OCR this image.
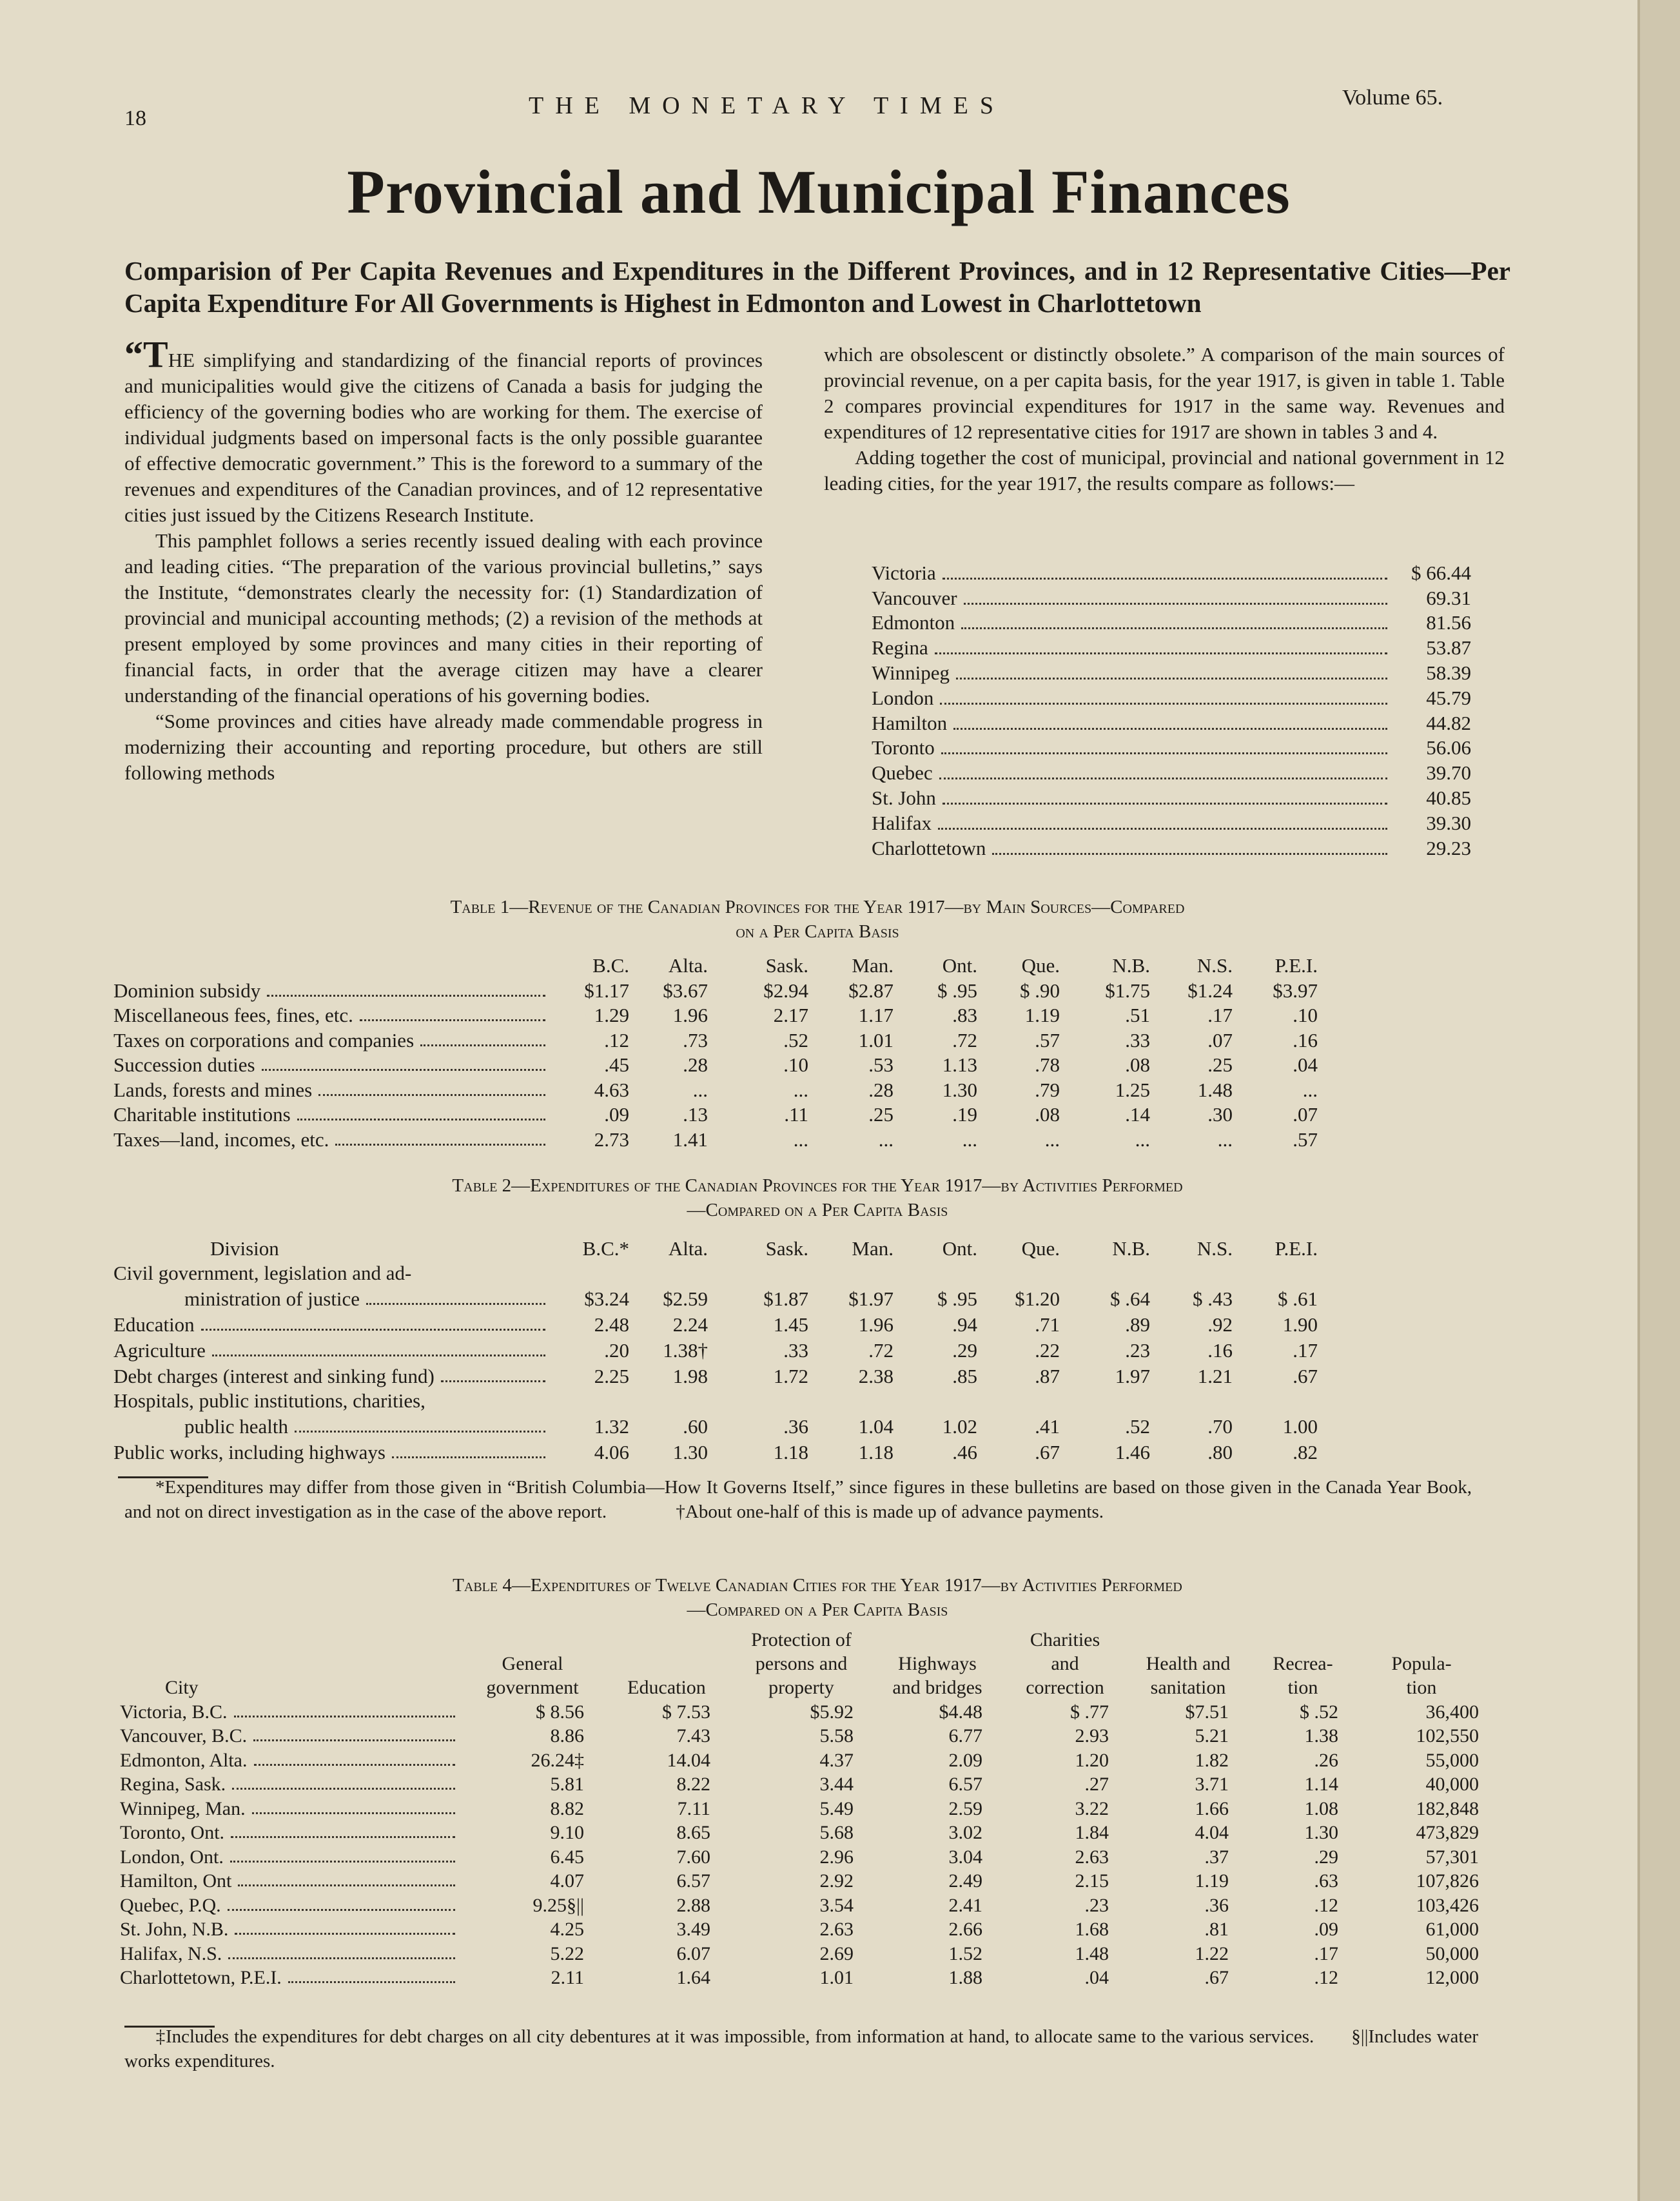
18	THE MONETARY TIMES	Volume 65.
Provincial and Municipal Finances
Comparision of Per Capita Revenues and Expenditures in the Different Provinces, and in 12 Representative Cities—Per Capita Expenditure For All Governments is Highest in Edmonton and Lowest in Charlottetown

“THE simplifying and standardizing of the financial reports of provinces and municipalities would give the citizens of Canada a basis for judging the efficiency of the governing bodies who are working for them. The exercise of individual judgments based on impersonal facts is the only possible guarantee of effective democratic government.” This is the foreword to a summary of the revenues and expenditures of the Canadian provinces, and of 12 representative cities just issued by the Citizens Research Institute.

This pamphlet follows a series recently issued dealing with each province and leading cities. “The preparation of the various provincial bulletins,” says the Institute, “demonstrates clearly the necessity for: (1) Standardization of provincial and municipal accounting methods; (2) a revision of the methods at present employed by some provinces and many cities in their reporting of financial facts, in order that the average citizen may have a clearer understanding of the financial operations of his governing bodies.

“Some provinces and cities have already made commendable progress in modernizing their accounting and reporting procedure, but others are still following methods

which are obsolescent or distinctly obsolete.” A comparison of the main sources of provincial revenue, on a per capita basis, for the year 1917, is given in table 1. Table 2 compares provincial expenditures for 1917 in the same way. Revenues and expenditures of 12 representative cities for 1917 are shown in tables 3 and 4.

Adding together the cost of municipal, provincial and national government in 12 leading cities, for the year 1917, the results compare as follows:—

Victoria	$ 66.44
Vancouver	69.31
Edmonton	81.56
Regina	53.87
Winnipeg	58.39
London	45.79
Hamilton	44.82
Toronto	56.06
Quebec	39.70
St. John	40.85
Halifax	39.30
Charlottetown	29.23
Table 1—Revenue of the Canadian Provinces for the Year 1917—by Main Sources—Compared
on a Per Capita Basis
	B.C.	Alta.	Sask.	Man.	Ont.	Que.	N.B.	N.S.	P.E.I.

Dominion subsidy	$1.17	$3.67	$2.94	$2.87	$ .95	$ .90	$1.75	$1.24	$3.97

Miscellaneous fees, fines, etc.	1.29	1.96	2.17	1.17	.83	1.19	.51	.17	.10

Taxes on corporations and companies	.12	.73	.52	1.01	.72	.57	.33	.07	.16

Succession duties	.45	.28	.10	.53	1.13	.78	.08	.25	.04

Lands, forests and mines	4.63	...	...	.28	1.30	.79	1.25	1.48	...

Charitable institutions	.09	.13	.11	.25	.19	.08	.14	.30	.07

Taxes—land, incomes, etc.	2.73	1.41	...	...	...	...	...	...	.57
Table 2—Expenditures of the Canadian Provinces for the Year 1917—by Activities Performed
—Compared on a Per Capita Basis
Division	B.C.*	Alta.	Sask.	Man.	Ont.	Que.	N.B.	N.S.	P.E.I.
Civil government, legislation and ad-									

ministration of justice	$3.24	$2.59	$1.87	$1.97	$ .95	$1.20	$ .64	$ .43	$ .61

Education	2.48	2.24	1.45	1.96	.94	.71	.89	.92	1.90

Agriculture	.20	1.38†	.33	.72	.29	.22	.23	.16	.17

Debt charges (interest and sinking fund)	2.25	1.98	1.72	2.38	.85	.87	1.97	1.21	.67
Hospitals, public institutions, charities,									

public health	1.32	.60	.36	1.04	1.02	.41	.52	.70	1.00

Public works, including highways	4.06	1.30	1.18	1.18	.46	.67	1.46	.80	.82
*Expenditures may differ from those given in “British Columbia—How It Governs Itself,” since figures in these bulletins are based on those given in the Canada Year Book, and not on direct investigation as in the case of the above report.	†About one-half of this is made up of advance payments.
Table 4—Expenditures of Twelve Canadian Cities for the Year 1917—by Activities Performed
—Compared on a Per Capita Basis
			Protection of		Charities			
	General		persons and	Highways	and	Health and	Recrea-	Popula-
City	government	Education	property	and bridges	correction	sanitation	tion	tion

Victoria, B.C.	$ 8.56	$ 7.53	$5.92	$4.48	$ .77	$7.51	$ .52	36,400

Vancouver, B.C.	8.86	7.43	5.58	6.77	2.93	5.21	1.38	102,550

Edmonton, Alta.	26.24‡	14.04	4.37	2.09	1.20	1.82	.26	55,000

Regina, Sask.	5.81	8.22	3.44	6.57	.27	3.71	1.14	40,000

Winnipeg, Man.	8.82	7.11	5.49	2.59	3.22	1.66	1.08	182,848

Toronto, Ont.	9.10	8.65	5.68	3.02	1.84	4.04	1.30	473,829

London, Ont.	6.45	7.60	2.96	3.04	2.63	.37	.29	57,301

Hamilton, Ont	4.07	6.57	2.92	2.49	2.15	1.19	.63	107,826

Quebec, P.Q.	9.25§||	2.88	3.54	2.41	.23	.36	.12	103,426

St. John, N.B.	4.25	3.49	2.63	2.66	1.68	.81	.09	61,000

Halifax, N.S.	5.22	6.07	2.69	1.52	1.48	1.22	.17	50,000

Charlottetown, P.E.I.	2.11	1.64	1.01	1.88	.04	.67	.12	12,000
‡Includes the expenditures for debt charges on all city debentures at it was impossible, from information at hand, to allocate same to the various services. §||Includes water works expenditures.
